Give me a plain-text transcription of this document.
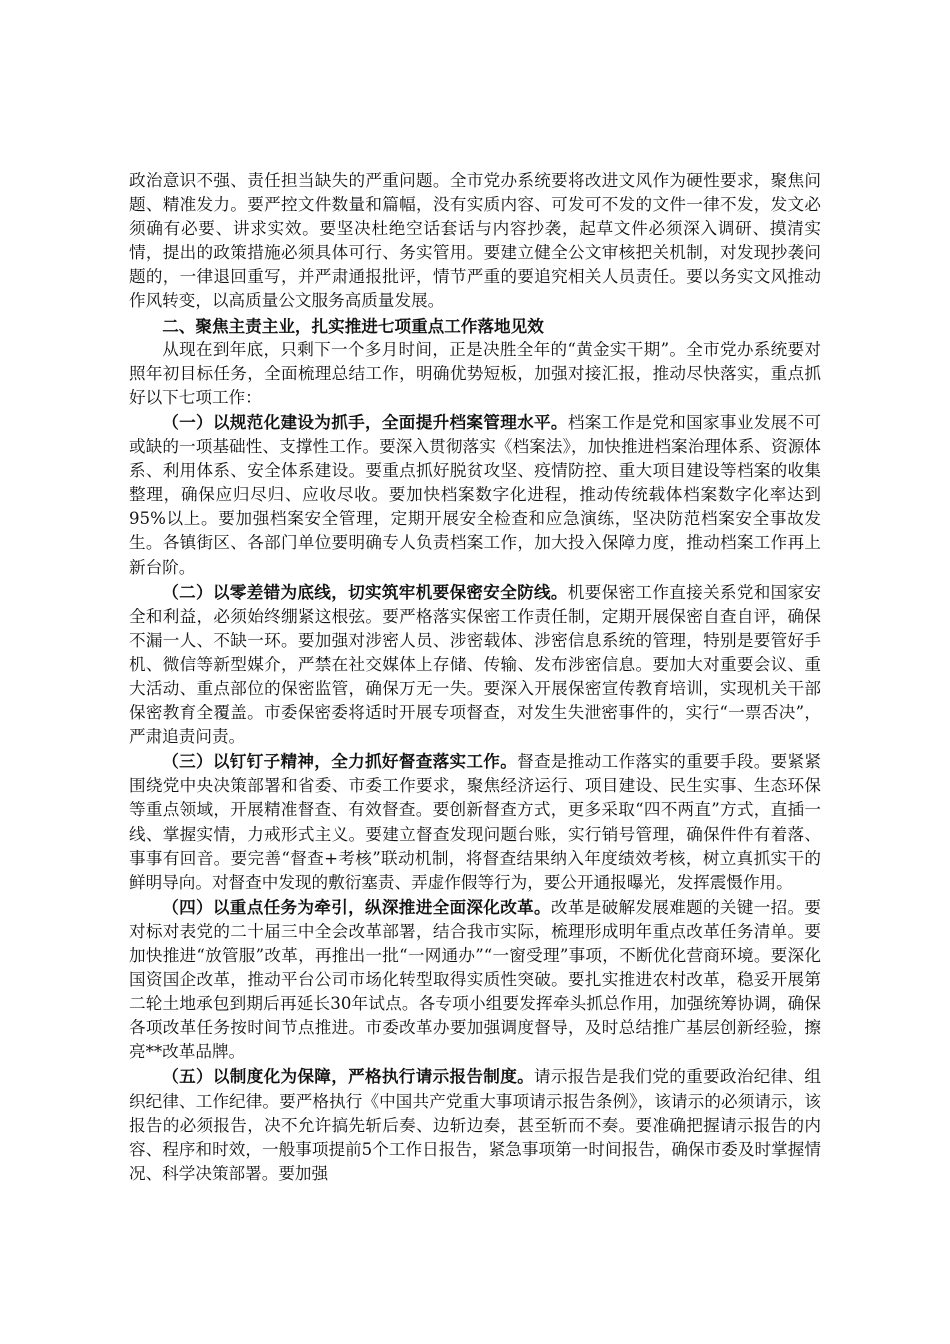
政治意识不强、责任担当缺失的严重问题。全市党办系统要将改进文风作为硬性要求，聚焦问题、精准发力。要严控文件数量和篇幅，没有实质内容、可发可不发的文件一律不发，发文必须确有必要、讲求实效。要坚决杜绝空话套话与内容抄袭，起草文件必须深入调研、摸清实情，提出的政策措施必须具体可行、务实管用。要建立健全公文审核把关机制，对发现抄袭问题的，一律退回重写，并严肃通报批评，情节严重的要追究相关人员责任。要以务实文风推动作风转变，以高质量公文服务高质量发展。

二、聚焦主责主业，扎实推进七项重点工作落地见效

从现在到年底，只剩下一个多月时间，正是决胜全年的“黄金实干期”。全市党办系统要对照年初目标任务，全面梳理总结工作，明确优势短板，加强对接汇报，推动尽快落实，重点抓好以下七项工作：

（一）以规范化建设为抓手，全面提升档案管理水平。档案工作是党和国家事业发展不可或缺的一项基础性、支撑性工作。要深入贯彻落实《档案法》，加快推进档案治理体系、资源体系、利用体系、安全体系建设。要重点抓好脱贫攻坚、疫情防控、重大项目建设等档案的收集整理，确保应归尽归、应收尽收。要加快档案数字化进程，推动传统载体档案数字化率达到95%以上。要加强档案安全管理，定期开展安全检查和应急演练，坚决防范档案安全事故发生。各镇街区、各部门单位要明确专人负责档案工作，加大投入保障力度，推动档案工作再上新台阶。

（二）以零差错为底线，切实筑牢机要保密安全防线。机要保密工作直接关系党和国家安全和利益，必须始终绷紧这根弦。要严格落实保密工作责任制，定期开展保密自查自评，确保不漏一人、不缺一环。要加强对涉密人员、涉密载体、涉密信息系统的管理，特别是要管好手机、微信等新型媒介，严禁在社交媒体上存储、传输、发布涉密信息。要加大对重要会议、重大活动、重点部位的保密监管，确保万无一失。要深入开展保密宣传教育培训，实现机关干部保密教育全覆盖。市委保密委将适时开展专项督查，对发生失泄密事件的，实行“一票否决”，严肃追责问责。

（三）以钉钉子精神，全力抓好督查落实工作。督查是推动工作落实的重要手段。要紧紧围绕党中央决策部署和省委、市委工作要求，聚焦经济运行、项目建设、民生实事、生态环保等重点领域，开展精准督查、有效督查。要创新督查方式，更多采取“四不两直”方式，直插一线、掌握实情，力戒形式主义。要建立督查发现问题台账，实行销号管理，确保件件有着落、事事有回音。要完善“督查+考核”联动机制，将督查结果纳入年度绩效考核，树立真抓实干的鲜明导向。对督查中发现的敷衍塞责、弄虚作假等行为，要公开通报曝光，发挥震慑作用。

（四）以重点任务为牵引，纵深推进全面深化改革。改革是破解发展难题的关键一招。要对标对表党的二十届三中全会改革部署，结合我市实际，梳理形成明年重点改革任务清单。要加快推进“放管服”改革，再推出一批“一网通办”“一窗受理”事项，不断优化营商环境。要深化国资国企改革，推动平台公司市场化转型取得实质性突破。要扎实推进农村改革，稳妥开展第二轮土地承包到期后再延长30年试点。各专项小组要发挥牵头抓总作用，加强统筹协调，确保各项改革任务按时间节点推进。市委改革办要加强调度督导，及时总结推广基层创新经验，擦亮**改革品牌。

（五）以制度化为保障，严格执行请示报告制度。请示报告是我们党的重要政治纪律、组织纪律、工作纪律。要严格执行《中国共产党重大事项请示报告条例》，该请示的必须请示，该报告的必须报告，决不允许搞先斩后奏、边斩边奏，甚至斩而不奏。要准确把握请示报告的内容、程序和时效，一般事项提前5个工作日报告，紧急事项第一时间报告，确保市委及时掌握情况、科学决策部署。要加强
